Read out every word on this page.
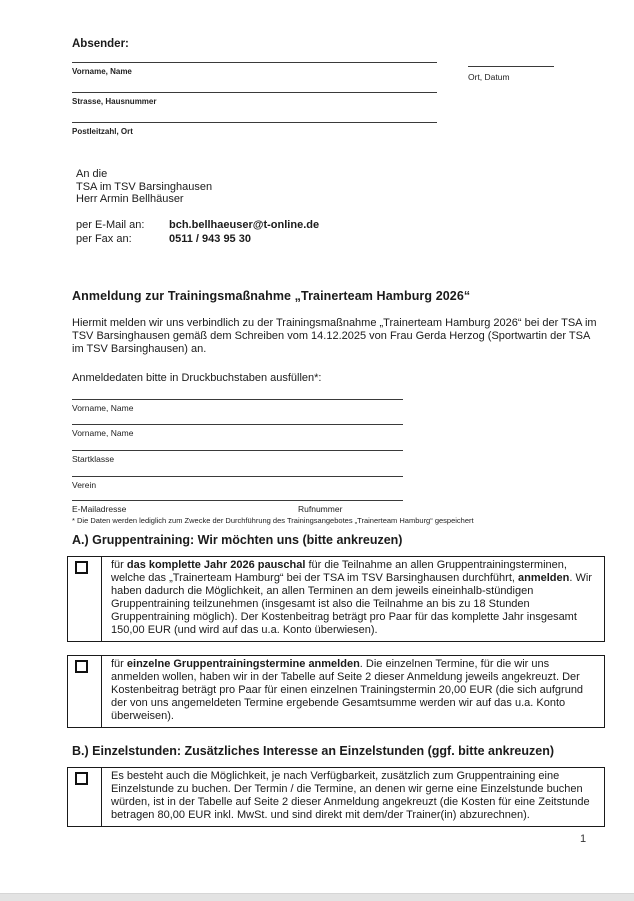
Absender:
Vorname, Name
Strasse, Hausnummer
Postleitzahl, Ort
Ort, Datum
An die
TSA im TSV Barsinghausen
Herr Armin Bellhäuser
per E-Mail an:	bch.bellhaeuser@t-online.de
per Fax an:	0511 / 943 95 30
Anmeldung zur Trainingsmaßnahme „Trainerteam Hamburg 2026“
Hiermit melden wir uns verbindlich zu der Trainingsmaßnahme „Trainerteam Hamburg 2026“ bei der TSA im TSV Barsinghausen gemäß dem Schreiben vom 14.12.2025 von Frau Gerda Herzog (Sportwartin der TSA im TSV Barsinghausen) an.
Anmeldedaten bitte in Druckbuchstaben ausfüllen*:
Vorname, Name
Vorname, Name
Startklasse
Verein
E-Mailadresse	Rufnummer
* Die Daten werden lediglich zum Zwecke der Durchführung des Trainingsangebotes „Trainerteam Hamburg“ gespeichert
A.) Gruppentraining: Wir möchten uns (bitte ankreuzen)
für das komplette Jahr 2026 pauschal für die Teilnahme an allen Gruppentrainingsterminen, welche das „Trainerteam Hamburg“ bei der TSA im TSV Barsinghausen durchführt, anmelden. Wir haben dadurch die Möglichkeit, an allen Terminen an dem jeweils eineinhalb-stündigen Gruppentraining teilzunehmen (insgesamt ist also die Teilnahme an bis zu 18 Stunden Gruppentraining möglich). Der Kostenbeitrag beträgt pro Paar für das komplette Jahr insgesamt 150,00 EUR (und wird auf das u.a. Konto überwiesen).
für einzelne Gruppentrainingstermine anmelden. Die einzelnen Termine, für die wir uns anmelden wollen, haben wir in der Tabelle auf Seite 2 dieser Anmeldung jeweils angekreuzt. Der Kostenbeitrag beträgt pro Paar für einen einzelnen Trainingstermin 20,00 EUR (die sich aufgrund der von uns angemeldeten Termine ergebende Gesamtsumme werden wir auf das u.a. Konto überweisen).
B.) Einzelstunden: Zusätzliches Interesse an Einzelstunden (ggf. bitte ankreuzen)
Es besteht auch die Möglichkeit, je nach Verfügbarkeit, zusätzlich zum Gruppentraining eine Einzelstunde zu buchen. Der Termin / die Termine, an denen wir gerne eine Einzelstunde buchen würden, ist in der Tabelle auf Seite 2 dieser Anmeldung angekreuzt (die Kosten für eine Zeitstunde betragen 80,00 EUR inkl. MwSt. und sind direkt mit dem/der Trainer(in) abzurechnen).
1
